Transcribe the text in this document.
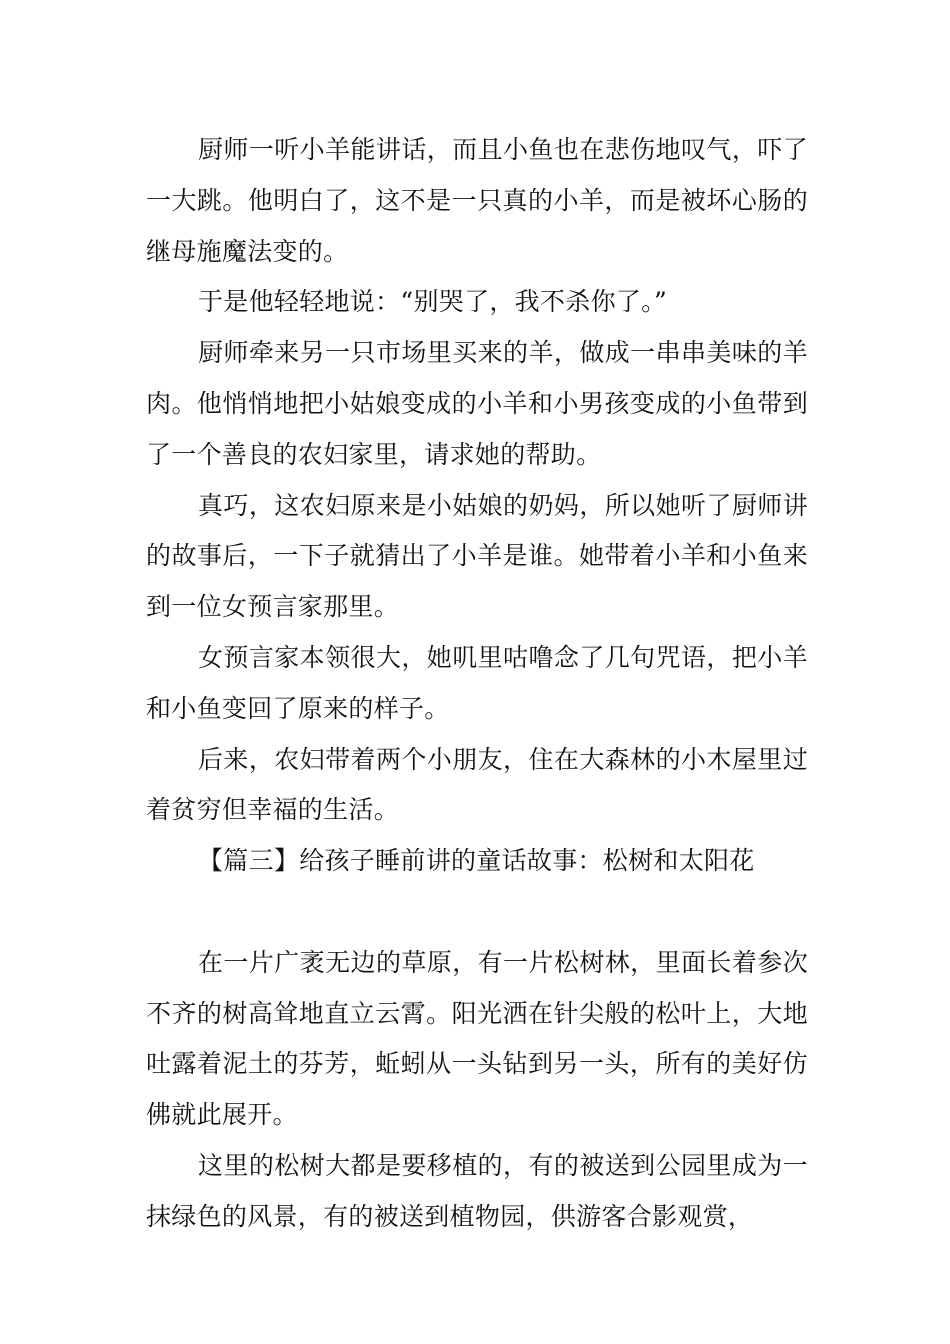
厨师一听小羊能讲话，而且小鱼也在悲伤地叹气，吓了一大跳。他明白了，这不是一只真的小羊，而是被坏心肠的继母施魔法变的。

于是他轻轻地说：“别哭了，我不杀你了。”

厨师牵来另一只市场里买来的羊，做成一串串美味的羊肉。他悄悄地把小姑娘变成的小羊和小男孩变成的小鱼带到了一个善良的农妇家里，请求她的帮助。

真巧，这农妇原来是小姑娘的奶妈，所以她听了厨师讲的故事后，一下子就猜出了小羊是谁。她带着小羊和小鱼来到一位女预言家那里。

女预言家本领很大，她叽里咕噜念了几句咒语，把小羊和小鱼变回了原来的样子。

后来，农妇带着两个小朋友，住在大森林的小木屋里过着贫穷但幸福的生活。

【篇三】给孩子睡前讲的童话故事：松树和太阳花

在一片广袤无边的草原，有一片松树林，里面长着参次不齐的树高耸地直立云霄。阳光洒在针尖般的松叶上，大地吐露着泥土的芬芳，蚯蚓从一头钻到另一头，所有的美好仿佛就此展开。

这里的松树大都是要移植的，有的被送到公园里成为一抹绿色的风景，有的被送到植物园，供游客合影观赏，
